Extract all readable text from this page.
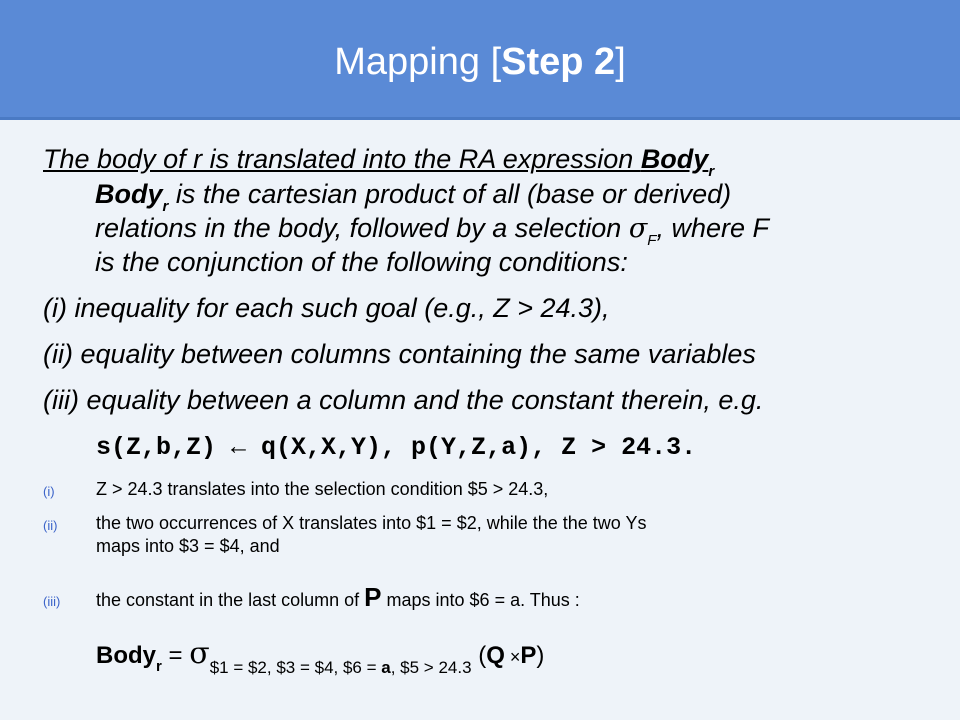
Mapping [Step 2]
The body of r is translated into the RA expression Body$_r$
Body$_r$ is the cartesian product of all (base or derived)
relations in the body, followed by a selection $\sigma_F$, where F
is the conjunction of the following conditions:
(i) inequality for each such goal (e.g., Z > 24.3),
(ii) equality between columns containing the same variables
(iii) equality between a column and the constant therein, e.g.
s(Z,b,Z) ← q(X,X,Y), p(Y,Z,a), Z > 24.3.
(i) Z > 24.3 translates into the selection condition $5 > 24.3,
(ii) the two occurrences of X translates into $1 = $2, while the the two Ys
maps into $3 = $4, and
(iii) the constant in the last column of P maps into $6 = a. Thus :
Body$_r$ = $\sigma_{\$1 = \$2, \$3 = \$4, \$6 = a, \$5 > 24.3}$ (Q ×P)
